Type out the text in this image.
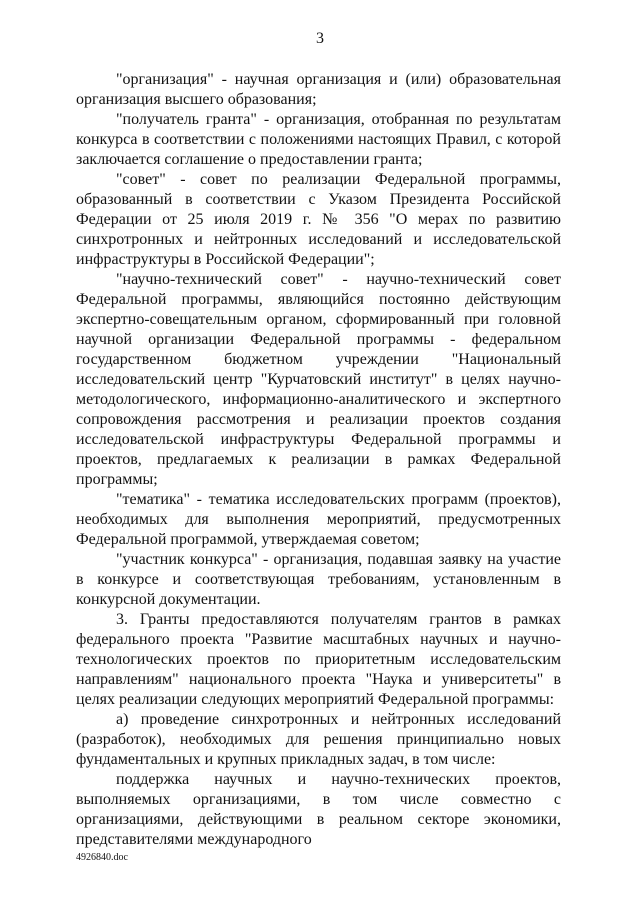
3

"организация" - научная организация и (или) образовательная организация высшего образования;

"получатель гранта" - организация, отобранная по результатам конкурса в соответствии с положениями настоящих Правил, с которой заключается соглашение о предоставлении гранта;

"совет" - совет по реализации Федеральной программы, образованный в соответствии с Указом Президента Российской Федерации от 25 июля 2019 г. № 356 "О мерах по развитию синхротронных и нейтронных исследований и исследовательской инфраструктуры в Российской Федерации";

"научно-технический совет" - научно-технический совет Федеральной программы, являющийся постоянно действующим экспертно-совещательным органом, сформированный при головной научной организации Федеральной программы - федеральном государственном бюджетном учреждении "Национальный исследовательский центр "Курчатовский институт" в целях научно-методологического, информационно-аналитического и экспертного сопровождения рассмотрения и реализации проектов создания исследовательской инфраструктуры Федеральной программы и проектов, предлагаемых к реализации в рамках Федеральной программы;

"тематика" - тематика исследовательских программ (проектов), необходимых для выполнения мероприятий, предусмотренных Федеральной программой, утверждаемая советом;

"участник конкурса" - организация, подавшая заявку на участие в конкурсе и соответствующая требованиям, установленным в конкурсной документации.

3. Гранты предоставляются получателям грантов в рамках федерального проекта "Развитие масштабных научных и научно-технологических проектов по приоритетным исследовательским направлениям" национального проекта "Наука и университеты" в целях реализации следующих мероприятий Федеральной программы:

а) проведение синхротронных и нейтронных исследований (разработок), необходимых для решения принципиально новых фундаментальных и крупных прикладных задач, в том числе:

поддержка научных и научно-технических проектов, выполняемых организациями, в том числе совместно с организациями, действующими в реальном секторе экономики, представителями международного

4926840.doc
